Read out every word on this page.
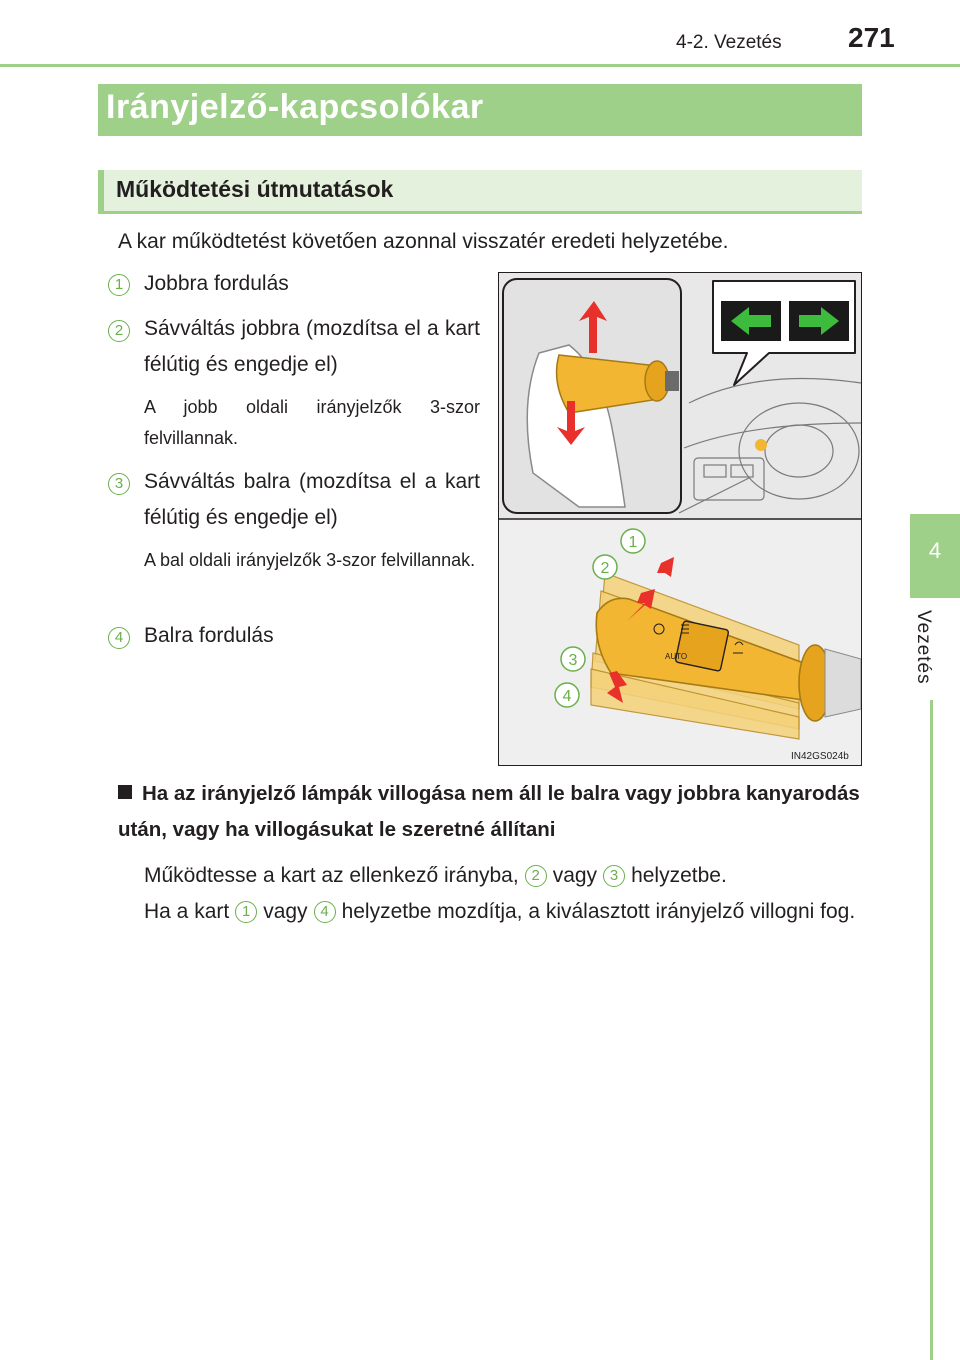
4-2. Vezetés 271
4
Vezetés
Irányjelző-kapcsolókar
Működtetési útmutatások
A kar működtetést követően azonnal visszatér eredeti helyzetébe.
1 Jobbra fordulás
2 Sávváltás jobbra (mozdítsa el a kart félútig és engedje el)
A jobb oldali irányjelzők 3-szor felvillannak.
3 Sávváltás balra (mozdítsa el a kart félútig és engedje el)
A bal oldali irányjelzők 3-szor felvillannak.
4 Balra fordulás
AUTO
1
2
3
4
IN42GS024b
Ha az irányjelző lámpák villogása nem áll le balra vagy jobbra kanyarodás után, vagy ha villogásukat le szeretné állítani
Működtesse a kart az ellenkező irányba, 2 vagy 3 helyzetbe.
Ha a kart 1 vagy 4 helyzetbe mozdítja, a kiválasztott irányjelző villogni fog.
